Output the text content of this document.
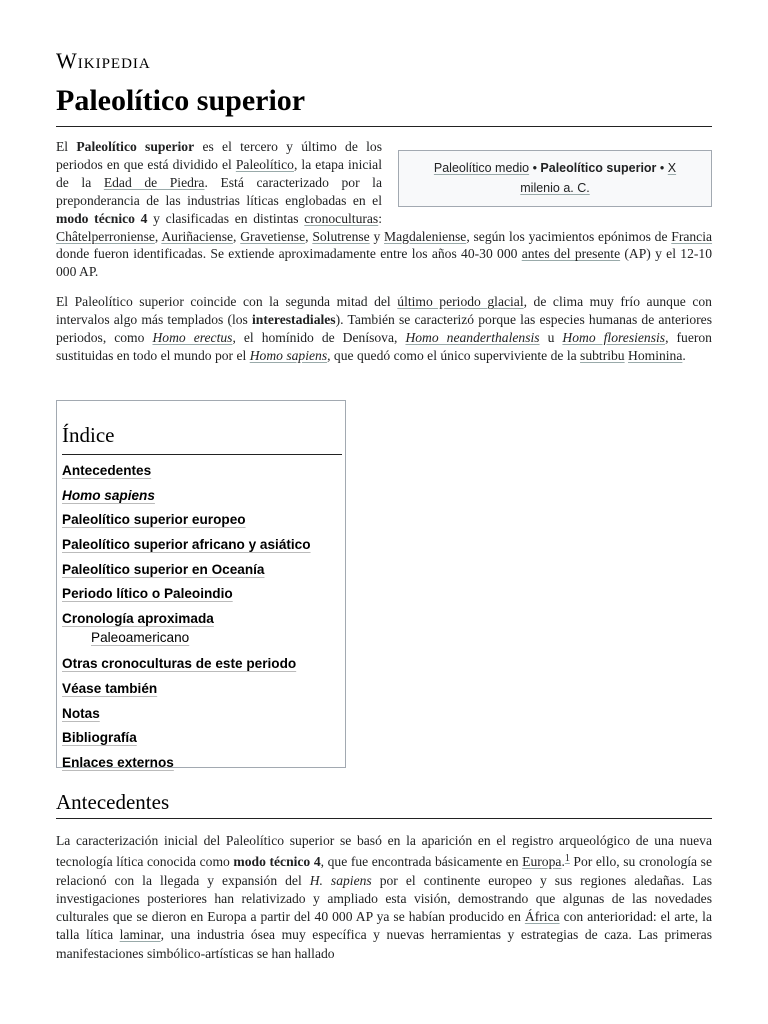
Wikipedia
Paleolítico superior
Paleolítico medio • Paleolítico superior • X
milenio a. C.

El Paleolítico superior es el tercero y último de los periodos en que está dividido el Paleolítico, la etapa inicial de la Edad de Piedra. Está caracterizado por la preponderancia de las industrias líticas englobadas en el modo técnico 4 y clasificadas en distintas cronoculturas: Châtelperroniense, Auriñaciense, Gravetiense, Solutrense y Magdaleniense, según los yacimientos epónimos de Francia donde fueron identificadas. Se extiende aproximadamente entre los años 40-30 000 antes del presente (AP) y el 12-10 000 AP.

El Paleolítico superior coincide con la segunda mitad del último periodo glacial, de clima muy frío aunque con intervalos algo más templados (los interestadiales). También se caracterizó porque las especies humanas de anteriores periodos, como Homo erectus, el homínido de Denísova, Homo neanderthalensis u Homo floresiensis, fueron sustituidas en todo el mundo por el Homo sapiens, que quedó como el único superviviente de la subtribu Hominina.

Índice
Antecedentes
Homo sapiens
Paleolítico superior europeo
Paleolítico superior africano y asiático
Paleolítico superior en Oceanía
Periodo lítico o Paleoindio
Cronología aproximada
Paleoamericano
Otras cronoculturas de este periodo
Véase también
Notas
Bibliografía
Enlaces externos
Antecedentes

La caracterización inicial del Paleolítico superior se basó en la aparición en el registro arqueológico de una nueva tecnología lítica conocida como modo técnico 4, que fue encontrada básicamente en Europa.$^1$ Por ello, su cronología se relacionó con la llegada y expansión del H. sapiens por el continente europeo y sus regiones aledañas. Las investigaciones posteriores han relativizado y ampliado esta visión, demostrando que algunas de las novedades culturales que se dieron en Europa a partir del 40 000 AP ya se habían producido en África con anterioridad: el arte, la talla lítica laminar, una industria ósea muy específica y nuevas herramientas y estrategias de caza. Las primeras manifestaciones simbólico-artísticas se han hallado
